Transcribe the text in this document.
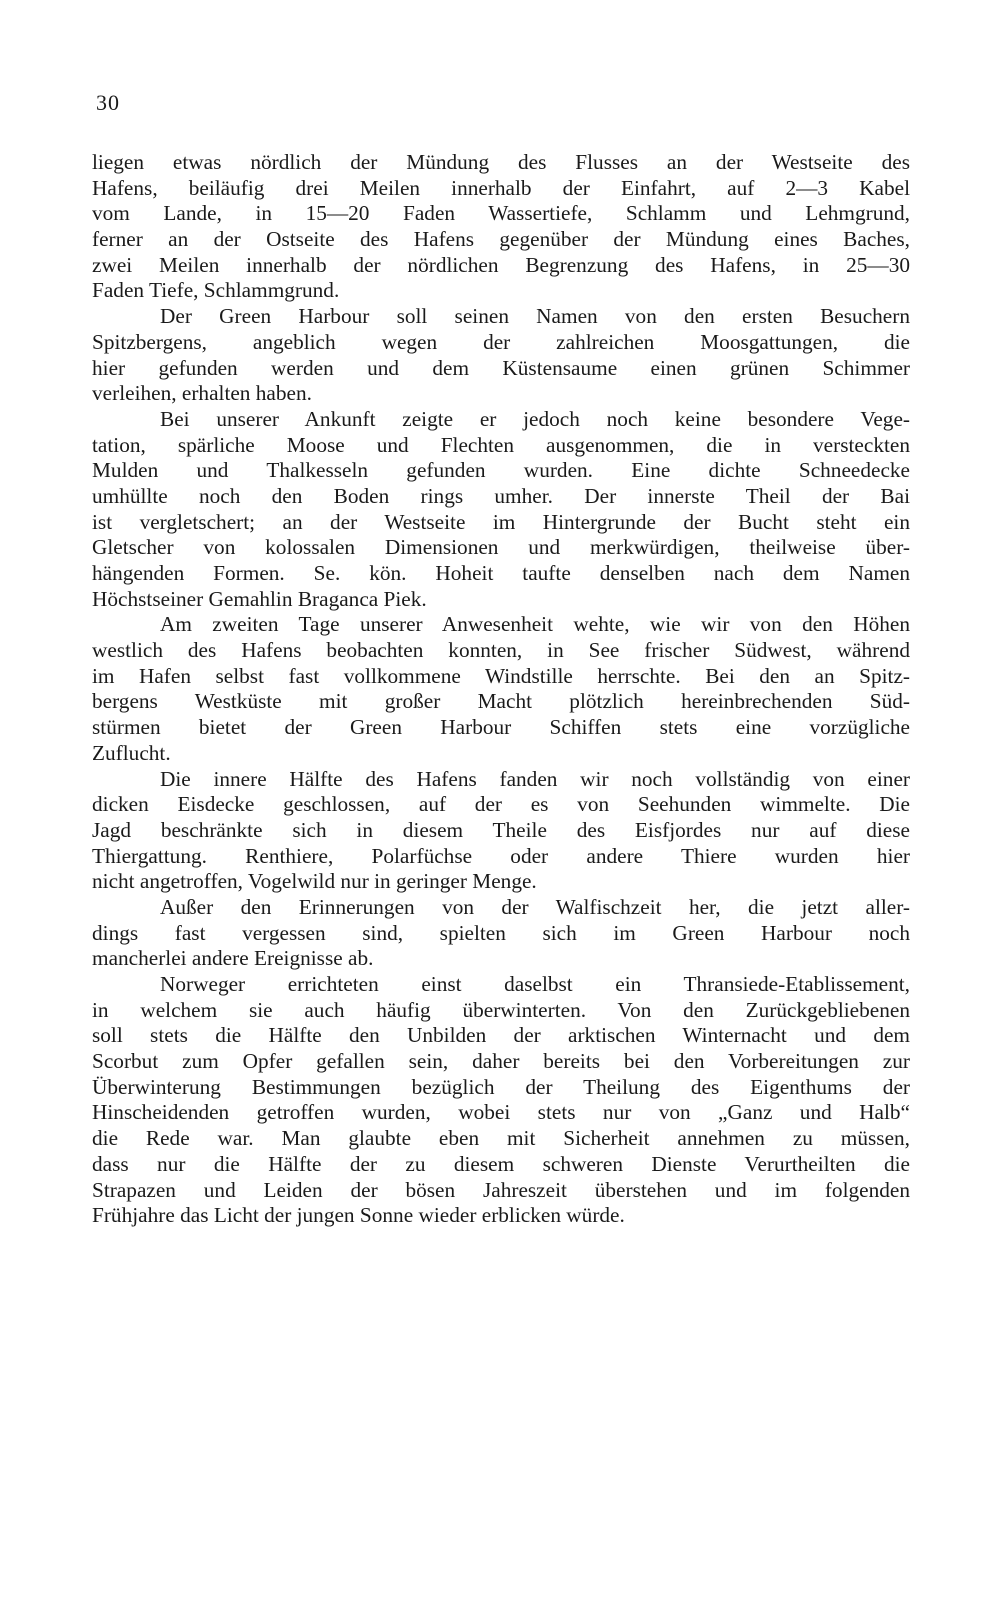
30

liegen etwas nördlich der Mündung des Flusses an der Westseite des
Hafens, beiläufig drei Meilen innerhalb der Einfahrt, auf 2—3 Kabel
vom Lande, in 15—20 Faden Wassertiefe, Schlamm und Lehmgrund,
ferner an der Ostseite des Hafens gegenüber der Mündung eines Baches,
zwei Meilen innerhalb der nördlichen Begrenzung des Hafens, in 25—30
Faden Tiefe, Schlammgrund.

Der Green Harbour soll seinen Namen von den ersten Besuchern
Spitzbergens, angeblich wegen der zahlreichen Moosgattungen, die
hier gefunden werden und dem Küstensaume einen grünen Schimmer
verleihen, erhalten haben.

Bei unserer Ankunft zeigte er jedoch noch keine besondere Vege-
tation, spärliche Moose und Flechten ausgenommen, die in versteckten
Mulden und Thalkesseln gefunden wurden. Eine dichte Schneedecke
umhüllte noch den Boden rings umher. Der innerste Theil der Bai
ist vergletschert; an der Westseite im Hintergrunde der Bucht steht ein
Gletscher von kolossalen Dimensionen und merkwürdigen, theilweise über-
hängenden Formen. Se. kön. Hoheit taufte denselben nach dem Namen
Höchstseiner Gemahlin Braganca Piek.

Am zweiten Tage unserer Anwesenheit wehte, wie wir von den Höhen
westlich des Hafens beobachten konnten, in See frischer Südwest, während
im Hafen selbst fast vollkommene Windstille herrschte. Bei den an Spitz-
bergens Westküste mit großer Macht plötzlich hereinbrechenden Süd-
stürmen bietet der Green Harbour Schiffen stets eine vorzügliche
Zuflucht.

Die innere Hälfte des Hafens fanden wir noch vollständig von einer
dicken Eisdecke geschlossen, auf der es von Seehunden wimmelte. Die
Jagd beschränkte sich in diesem Theile des Eisfjordes nur auf diese
Thiergattung. Renthiere, Polarfüchse oder andere Thiere wurden hier
nicht angetroffen, Vogelwild nur in geringer Menge.

Außer den Erinnerungen von der Walfischzeit her, die jetzt aller-
dings fast vergessen sind, spielten sich im Green Harbour noch
mancherlei andere Ereignisse ab.

Norweger errichteten einst daselbst ein Thransiede-Etablissement,
in welchem sie auch häufig überwinterten. Von den Zurückgebliebenen
soll stets die Hälfte den Unbilden der arktischen Winternacht und dem
Scorbut zum Opfer gefallen sein, daher bereits bei den Vorbereitungen zur
Überwinterung Bestimmungen bezüglich der Theilung des Eigenthums der
Hinscheidenden getroffen wurden, wobei stets nur von „Ganz und Halb“
die Rede war. Man glaubte eben mit Sicherheit annehmen zu müssen,
dass nur die Hälfte der zu diesem schweren Dienste Verurtheilten die
Strapazen und Leiden der bösen Jahreszeit überstehen und im folgenden
Frühjahre das Licht der jungen Sonne wieder erblicken würde.
